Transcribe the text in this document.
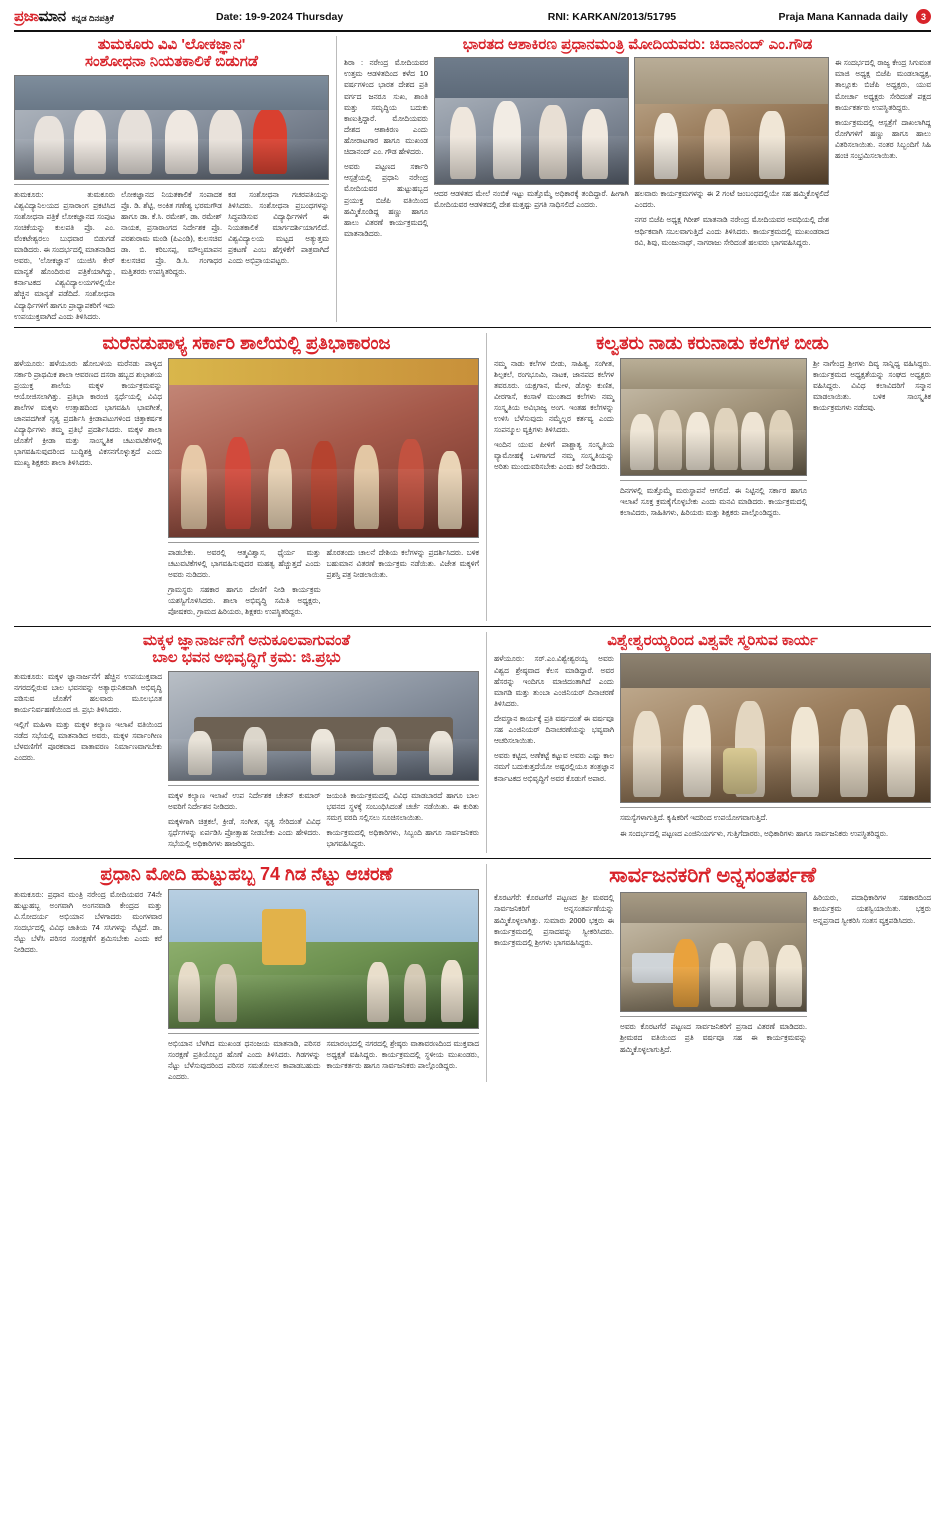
ಪ್ರಜಾಮಾನ ಕನ್ನಡ ದಿನಪತ್ರಿಕೆ	Date: 19-9-2024 Thursday	RNI: KARKAN/2013/51795	Praja Mana Kannada daily	3
ತುಮಕೂರು ವಿವಿ 'ಲೋಕಜ್ಞಾನ'
ಸಂಶೋಧನಾ ನಿಯತಕಾಲಿಕೆ ಬಿಡುಗಡೆ
ತುಮಕೂರು: ತುಮಕೂರು ವಿಶ್ವವಿದ್ಯಾನಿಲಯದ ಪ್ರಸಾರಾಂಗ ಪ್ರಕಟಿಸಿದ ಸಂಶೋಧನಾ ಪತ್ರಿಕೆ ಲೋಕಜ್ಞಾನದ ಸಂಪುಟ ಸಂಚಿಕೆಯನ್ನು ಕುಲಪತಿ ಪ್ರೊ. ಎಂ. ವೆಂಕಟೇಶ್ವರಲು ಬುಧವಾರ ಬಿಡುಗಡೆ ಮಾಡಿದರು. ಈ ಸಂದರ್ಭದಲ್ಲಿ ಮಾತನಾಡಿದ ಅವರು, 'ಲೋಕಜ್ಞಾನ' ಯುಜಿಸಿ ಕೇರ್ ಮಾನ್ಯತೆ ಹೊಂದಿರುವ ಪತ್ರಿಕೆಯಾಗಿದ್ದು, ಕರ್ನಾಟಕದ ವಿಶ್ವವಿದ್ಯಾಲಯಗಳಲ್ಲಿಯೇ ಹೆಚ್ಚಿನ ಮಾನ್ಯತೆ ಪಡೆದಿದೆ. ಸಂಶೋಧನಾ ವಿದ್ಯಾರ್ಥಿಗಳಿಗೆ ಹಾಗೂ ಪ್ರಾಧ್ಯಾಪಕರಿಗೆ ಇದು ಉಪಯುಕ್ತವಾಗಿದೆ ಎಂದು ತಿಳಿಸಿದರು.
ಲೋಕಜ್ಞಾನದ ನಿಯತಕಾಲಿಕೆ ಸಂಪಾದಕ ಪ್ರೊ. ಡಿ. ಶೆಟ್ಟಿ, ಅಂಕಿತ ಗಣೇಶ್ಯ ಭರಮಗೌಡ ಹಾಗೂ ಡಾ. ಕೆ.ಸಿ. ರಮೇಶ್, ಡಾ. ರಮೇಶ್ ನಾಯಕ, ಪ್ರಸಾರಾಂಗದ ನಿರ್ದೇಶಕ ಪ್ರೊ. ಪರಶುರಾಮ ಮಂಡಿ (ಪಿಎಂಡಿ), ಕುಲಸಚಿವ ಡಾ. ಬಿ. ಕರಿಬಸಪ್ಪ, ಮೌಲ್ಯಮಾಪನ ಕುಲಸಚಿವ ಪ್ರೊ. ಡಿ.ಸಿ. ಗಂಗಾಧರ ಮತ್ತಿತರರು ಉಪಸ್ಥಿತರಿದ್ದರು.
ಕಡ ಸಂಶೋಧನಾ ಗಚರಪತಿಯನ್ನು ತಿಳಿಸಿದರು. ಸಂಶೋಧನಾ ಪ್ರಬಂಧಗಳನ್ನು ಸಿದ್ಧಪಡಿಸುವ ವಿದ್ಯಾರ್ಥಿಗಳಿಗೆ ಈ ನಿಯತಕಾಲಿಕೆ ಮಾರ್ಗದರ್ಶಿಯಾಗಲಿದೆ. ವಿಶ್ವವಿದ್ಯಾಲಯ ಮಟ್ಟದ ಅತ್ಯುತ್ತಮ ಪ್ರಕಟಣೆ ಎಂಬ ಹೆಗ್ಗಳಿಕೆಗೆ ಪಾತ್ರವಾಗಿದೆ ಎಂದು ಅಭಿಪ್ರಾಯಪಟ್ಟರು.
ಭಾರತದ ಆಶಾಕಿರಣ ಪ್ರಧಾನಮಂತ್ರಿ ಮೋದಿಯವರು: ಚಿದಾನಂದ್ ಎಂ.ಗೌಡ

ಶಿರಾ : ನರೇಂದ್ರ ಮೋದಿಯವರ ಉತ್ತಮ ಆಡಳಿತದಿಂದ ಕಳೆದ 10 ವರ್ಷಗಳಿಂದ ಭಾರತ ದೇಶದ ಪ್ರತಿ ವರ್ಗದ ಜನರೂ ಸುಖ, ಶಾಂತಿ ಮತ್ತು ಸಮೃದ್ಧಿಯ ಬದುಕು ಕಾಣುತ್ತಿದ್ದಾರೆ. ಮೋದಿಯವರು ದೇಶದ ಆಶಾಕಿರಣ ಎಂದು ಹೋರಾಟಗಾರ ಹಾಗೂ ಮುಖಂಡ ಚಿದಾನಂದ್ ಎಂ. ಗೌಡ ಹೇಳಿದರು.

ಅವರು ಪಟ್ಟಣದ ಸರ್ಕಾರಿ ಆಸ್ಪತ್ರೆಯಲ್ಲಿ ಪ್ರಧಾನಿ ನರೇಂದ್ರ ಮೋದಿಯವರ ಹುಟ್ಟುಹಬ್ಬದ ಪ್ರಯುಕ್ತ ಬಿಜೆಪಿ ವತಿಯಿಂದ ಹಮ್ಮಿಕೊಂಡಿದ್ದ ಹಣ್ಣು ಹಾಗೂ ಹಾಲು ವಿತರಣೆ ಕಾರ್ಯಕ್ರಮದಲ್ಲಿ ಮಾತನಾಡಿದರು.

ಆದರ ಆಡಳಿತದ ಮೇಲೆ ನಂಬಿಕೆ ಇಟ್ಟು ಮತ್ತೊಮ್ಮೆ ಅಧಿಕಾರಕ್ಕೆ ತಂದಿದ್ದಾರೆ. ಹೀಗಾಗಿ ಮೋದಿಯವರ ಆಡಳಿತದಲ್ಲಿ ದೇಶ ಮತ್ತಷ್ಟು ಪ್ರಗತಿ ಸಾಧಿಸಲಿದೆ ಎಂದರು.

ಹಲವಾರು ಕಾರ್ಯಕ್ರಮಗಳನ್ನು ಈ 2 ಗಂಟೆ ಜಂಬಂಧದಲ್ಲಿಯೇ ಸಹ ಹಮ್ಮಿಕೊಳ್ಳಲಿದೆ ಎಂದರು.

ನಗರ ಬಿಜೆಪಿ ಅಧ್ಯಕ್ಷ ಗಿರೀಶ್ ಮಾತನಾಡಿ ನರೇಂದ್ರ ಮೋದಿಯವರ ಅವಧಿಯಲ್ಲಿ ದೇಶ ಆರ್ಥಿಕವಾಗಿ ಸಬಲವಾಗುತ್ತಿದೆ ಎಂದು ತಿಳಿಸಿದರು. ಕಾರ್ಯಕ್ರಮದಲ್ಲಿ ಮುಖಂಡರಾದ ರವಿ, ಶಿವು, ಮಂಜುನಾಥ್, ನಾಗರಾಜು ಸೇರಿದಂತೆ ಹಲವರು ಭಾಗವಹಿಸಿದ್ದರು.

ಈ ಸಂದರ್ಭದಲ್ಲಿ ರಾಜ್ಯ ಕೇಂದ್ರ ಸಿಗುವಂತ ಮಾಜಿ ಅಧ್ಯಕ್ಷ ಬಿಜೆಪಿ ಮಂಡಲಾಧ್ಯಕ್ಷ, ತಾಲ್ಲೂಕು ಬಿಜೆಪಿ ಅಧ್ಯಕ್ಷರು, ಯುವ ಮೋರ್ಚಾ ಅಧ್ಯಕ್ಷರು ಸೇರಿದಂತೆ ಪಕ್ಷದ ಕಾರ್ಯಕರ್ತರು ಉಪಸ್ಥಿತರಿದ್ದರು.

ಕಾರ್ಯಕ್ರಮದಲ್ಲಿ ಆಸ್ಪತ್ರೆಗೆ ದಾಖಲಾಗಿದ್ದ ರೋಗಿಗಳಿಗೆ ಹಣ್ಣು ಹಾಗೂ ಹಾಲು ವಿತರಿಸಲಾಯಿತು. ನಂತರ ಸಿಬ್ಬಂದಿಗೆ ಸಿಹಿ ಹಂಚಿ ಸಂಭ್ರಮಿಸಲಾಯಿತು.

ಮರೆನಡುಪಾಳ್ಯ ಸರ್ಕಾರಿ ಶಾಲೆಯಲ್ಲಿ ಪ್ರತಿಭಾಕಾರಂಜ
ಹಳೆಯೂರು: ಹಳೆಯೂರು ಹೋಬಳಿಯ ಮರೆನಡು ಪಾಳ್ಯದ ಸರ್ಕಾರಿ ಪ್ರಾಥಮಿಕ ಶಾಲಾ ಆವರಣದ ದಸರಾ ಹಬ್ಬದ ಶುಭಾಶಯ ಪ್ರಯುಕ್ತ ಶಾಲೆಯ ಮಕ್ಕಳ ಕಾರ್ಯಕ್ರಮವನ್ನು ಆಯೋಜಿಸಲಾಗಿತ್ತು. ಪ್ರತಿಭಾ ಕಾರಂಜಿ ಸ್ಪರ್ಧೆಯಲ್ಲಿ ವಿವಿಧ ಶಾಲೆಗಳ ಮಕ್ಕಳು ಉತ್ಸಾಹದಿಂದ ಭಾಗವಹಿಸಿ ಭಾವಗೀತೆ, ಜಾನಪದಗೀತೆ ನೃತ್ಯ ಪ್ರದರ್ಶಿಸಿ ಕ್ರೀಡಾಪಟುಗಳಿಂದ ಚಿತ್ತಾಕರ್ಷಕ ವಿದ್ಯಾರ್ಥಿಗಳು ತಮ್ಮ ಪ್ರತಿಭೆ ಪ್ರದರ್ಶಿಸಿದರು. ಮಕ್ಕಳ ಶಾಲಾ ಜೊತೆಗೆ ಕ್ರೀಡಾ ಮತ್ತು ಸಾಂಸ್ಕೃತಿಕ ಚಟುವಟಿಕೆಗಳಲ್ಲಿ ಭಾಗವಹಿಸುವುದರಿಂದ ಬುದ್ಧಿಶಕ್ತಿ ವಿಕಸನಗೊಳ್ಳುತ್ತದೆ ಎಂದು ಮುಖ್ಯ ಶಿಕ್ಷಕರು ಶಾಲಾ ತಿಳಿಸಿದರು.

ಪಾಡಬೇಕು. ಅವರಲ್ಲಿ ಆತ್ಮವಿಶ್ವಾಸ, ಧೈರ್ಯ ಮತ್ತು ಚಟುವಟಿಕೆಗಳಲ್ಲಿ ಭಾಗವಹಿಸುವುದರ ಮಹತ್ವ ಹೆಚ್ಚುತ್ತದೆ ಎಂದು ಅವರು ನುಡಿದರು.

ಗ್ರಾಮಸ್ಥರು ಸಹಕಾರ ಹಾಗೂ ದೇಣಿಗೆ ನೀಡಿ ಕಾರ್ಯಕ್ರಮ ಯಶಸ್ವಿಗೊಳಿಸಿದರು. ಶಾಲಾ ಅಭಿವೃದ್ಧಿ ಸಮಿತಿ ಅಧ್ಯಕ್ಷರು, ಪೋಷಕರು, ಗ್ರಾಮದ ಹಿರಿಯರು, ಶಿಕ್ಷಕರು ಉಪಸ್ಥಿತರಿದ್ದರು.

ಹೊರತಂದು ಚಾಲನೆ ದೇಶಿಯ ಕಲೆಗಳನ್ನು ಪ್ರದರ್ಶಿಸಿದರು. ಬಳಿಕ ಬಹುಮಾನ ವಿತರಣೆ ಕಾರ್ಯಕ್ರಮ ನಡೆಯಿತು. ವಿಜೇತ ಮಕ್ಕಳಿಗೆ ಪ್ರಶಸ್ತಿ ಪತ್ರ ನೀಡಲಾಯಿತು.
ಕಲ್ವತರು ನಾಡು ಕರುನಾಡು ಕಲೆಗಳ ಬೀಡು

ನಮ್ಮ ನಾಡು ಕಲೆಗಳ ಬೀಡು, ಸಾಹಿತ್ಯ, ಸಂಗೀತ, ಶಿಲ್ಪಕಲೆ, ರಂಗಭೂಮಿ, ನಾಟಕ, ಜಾನಪದ ಕಲೆಗಳ ತವರೂರು. ಯಕ್ಷಗಾನ, ಮೇಳ, ಡೊಳ್ಳು ಕುಣಿತ, ವೀರಗಾಸೆ, ಕಂಸಾಳೆ ಮುಂತಾದ ಕಲೆಗಳು ನಮ್ಮ ಸಂಸ್ಕೃತಿಯ ಅವಿಭಾಜ್ಯ ಅಂಗ. ಇಂತಹ ಕಲೆಗಳನ್ನು ಉಳಿಸಿ ಬೆಳೆಸುವುದು ನಮ್ಮೆಲ್ಲರ ಕರ್ತವ್ಯ ಎಂದು ಸಂಪನ್ಮೂಲ ವ್ಯಕ್ತಿಗಳು ತಿಳಿಸಿದರು.

ಇಂದಿನ ಯುವ ಪೀಳಿಗೆ ಪಾಶ್ಚಾತ್ಯ ಸಂಸ್ಕೃತಿಯ ವ್ಯಾಮೋಹಕ್ಕೆ ಒಳಗಾಗದೆ ನಮ್ಮ ಸಂಸ್ಕೃತಿಯನ್ನು ಅರಿತು ಮುಂದುವರಿಸಬೇಕು ಎಂದು ಕರೆ ನೀಡಿದರು.

ದಿನಗಳಲ್ಲಿ ಮತ್ತೊಮ್ಮೆ ಮರುಸ್ಥಾಪನೆ ಆಗಲಿದೆ. ಈ ನಿಟ್ಟಿನಲ್ಲಿ ಸರ್ಕಾರ ಹಾಗೂ ಇಲಾಖೆ ಸೂಕ್ತ ಕ್ರಮಕೈಗೊಳ್ಳಬೇಕು ಎಂದು ಮನವಿ ಮಾಡಿದರು. ಕಾರ್ಯಕ್ರಮದಲ್ಲಿ ಕಲಾವಿದರು, ಸಾಹಿತಿಗಳು, ಹಿರಿಯರು ಮತ್ತು ಶಿಕ್ಷಕರು ಪಾಲ್ಗೊಂಡಿದ್ದರು.
ಶ್ರೀ ನಾಗೇಂದ್ರ ಶ್ರೀಗಳು ದಿವ್ಯ ಸಾನ್ನಿಧ್ಯ ವಹಿಸಿದ್ದರು. ಕಾರ್ಯಕ್ರಮದ ಅಧ್ಯಕ್ಷತೆಯನ್ನು ಸಂಘದ ಅಧ್ಯಕ್ಷರು ವಹಿಸಿದ್ದರು. ವಿವಿಧ ಕಲಾವಿದರಿಗೆ ಸನ್ಮಾನ ಮಾಡಲಾಯಿತು. ಬಳಿಕ ಸಾಂಸ್ಕೃತಿಕ ಕಾರ್ಯಕ್ರಮಗಳು ನಡೆದವು.
ಮಕ್ಕಳ ಜ್ಞಾನಾರ್ಜನೆಗೆ ಅನುಕೂಲವಾಗುವಂತೆ
ಬಾಲ ಭವನ ಅಭಿವೃದ್ಧಿಗೆ ಕ್ರಮ: ಜಿ.ಪ್ರಭು

ತುಮಕೂರು: ಮಕ್ಕಳ ಜ್ಞಾನಾರ್ಜನೆಗೆ ಹೆಚ್ಚಿನ ಉಪಯುಕ್ತವಾದ ನಗರದಲ್ಲಿರುವ ಬಾಲ ಭವನವನ್ನು ಅತ್ಯಾಧುನಿಕವಾಗಿ ಅಭಿವೃದ್ಧಿ ಪಡಿಸುವ ಜೊತೆಗೆ ಹಲವಾರು ಮೂಲಭೂತ ಕಾರ್ಯನಿರ್ವಹಣೆಯಿಂದ ಜಿ. ಪ್ರಭು ತಿಳಿಸಿದರು.

ಇಲ್ಲಿಗೆ ಮಹಿಳಾ ಮತ್ತು ಮಕ್ಕಳ ಕಲ್ಯಾಣ ಇಲಾಖೆ ವತಿಯಿಂದ ನಡೆದ ಸಭೆಯಲ್ಲಿ ಮಾತನಾಡಿದ ಅವರು, ಮಕ್ಕಳ ಸರ್ವಾಂಗೀಣ ಬೆಳವಣಿಗೆಗೆ ಪೂರಕವಾದ ವಾತಾವರಣ ನಿರ್ಮಾಣವಾಗಬೇಕು ಎಂದರು.

ಮಕ್ಕಳ ಕಲ್ಯಾಣ ಇಲಾಖೆ ಉಪ ನಿರ್ದೇಶಕ ಚೇತನ್ ಕುಮಾರ್ ಅವರಿಗೆ ನಿರ್ದೇಶನ ನೀಡಿದರು.

ಮಕ್ಕಳಿಗಾಗಿ ಚಿತ್ರಕಲೆ, ಕ್ರೀಡೆ, ಸಂಗೀತ, ನೃತ್ಯ ಸೇರಿದಂತೆ ವಿವಿಧ ಸ್ಪರ್ಧೆಗಳನ್ನು ಏರ್ಪಡಿಸಿ ಪ್ರೋತ್ಸಾಹ ನೀಡಬೇಕು ಎಂದು ಹೇಳಿದರು. ಸಭೆಯಲ್ಲಿ ಅಧಿಕಾರಿಗಳು ಹಾಜರಿದ್ದರು.

ಜಯಂತಿ ಕಾರ್ಯಕ್ರಮದಲ್ಲಿ ವಿವಿಧ ಮಾಡಬಾರದೆ ಹಾಗೂ ಬಾಲ ಭವನದ ಸ್ಥಳಕ್ಕೆ ಸಂಬಂಧಿಸಿದಂತೆ ಚರ್ಚೆ ನಡೆಯಿತು. ಈ ಕುರಿತು ಸಮಗ್ರ ವರದಿ ಸಲ್ಲಿಸಲು ಸೂಚಿಸಲಾಯಿತು.

ಕಾರ್ಯಕ್ರಮದಲ್ಲಿ ಅಧಿಕಾರಿಗಳು, ಸಿಬ್ಬಂದಿ ಹಾಗೂ ಸಾರ್ವಜನಿಕರು ಭಾಗವಹಿಸಿದ್ದರು.

ವಿಶ್ವೇಶ್ವರಯ್ಯರಿಂದ ವಿಶ್ವವೇ ಸ್ಮರಿಸುವ ಕಾರ್ಯ

ಹಳೆಯೂರು: ಸರ್.ಎಂ.ವಿಶ್ವೇಶ್ವರಯ್ಯ ಅವರು ವಿಶ್ವದ ಶ್ರೇಷ್ಠವಾದ ಕೆಲಸ ಮಾಡಿದ್ದಾರೆ. ಅವರ ಹೆಸರನ್ನು ಇಂದಿಗೂ ಮಾಜಿದಂತಾಗಿದೆ ಎಂದು ಮಾಗಡಿ ಮತ್ತು ತುಂಬಾ ಎಂಜಿನಿಯರ್ ದಿನಾಚರಣೆ ತಿಳಿಸಿದರು.

ದೇವಸ್ಥಾನ ಕಾರ್ಯಕ್ಕೆ ಪ್ರತಿ ವರ್ಷದಂತೆ ಈ ವರ್ಷವೂ ಸಹ ಎಂಜಿನಿಯರ್ ದಿನಾಚರಣೆಯನ್ನು ಭವ್ಯವಾಗಿ ಆಚರಿಸಲಾಯಿತು.

ಅವರು ಕಟ್ಟಿದ, ಅಣೆಕಟ್ಟೆ ಕಟ್ಟುವ ಅವರು ಎಷ್ಟು ಕಾಲ ನಮಗೆ ಬದುಕುತ್ತದೆಯೋ ಅಷ್ಟರಲ್ಲಿಯೂ ತಂತ್ರಜ್ಞಾನ ಕರ್ನಾಟಕದ ಅಭಿವೃದ್ಧಿಗೆ ಅವರ ಕೊಡುಗೆ ಅಪಾರ.

ಸಮಸ್ಯೆಗಳಾಗುತ್ತಿದೆ. ಕೃಷಿಕರಿಗೆ ಇದರಿಂದ ಉಪಯೋಗವಾಗುತ್ತಿದೆ.

ಈ ಸಂದರ್ಭದಲ್ಲಿ ಪಟ್ಟಣದ ಎಂಜಿನಿಯರ್ಗಳು, ಗುತ್ತಿಗೆದಾರರು, ಅಧಿಕಾರಿಗಳು ಹಾಗೂ ಸಾರ್ವಜನಿಕರು ಉಪಸ್ಥಿತರಿದ್ದರು.

ಪ್ರಧಾನಿ ಮೋದಿ ಹುಟ್ಟುಹಬ್ಬ 74 ಗಿಡ ನೆಟ್ಟು ಆಚರಣೆ
ತುಮಕೂರು: ಪ್ರಧಾನ ಮಂತ್ರಿ ನರೇಂದ್ರ ಮೋದಿಯವರ 74ನೇ ಹುಟ್ಟುಹಬ್ಬ ಅಂಗವಾಗಿ ಅಂಗನವಾಡಿ ಕೇಂದ್ರದ ಮತ್ತು ವಿ.ಸೋದರ್ಯ ಅಭಿಯಾನ ಬೆಳಗಾದರು ಮಂಗಳವಾರ ಸಂದರ್ಭದಲ್ಲಿ ವಿವಿಧ ಜಾತಿಯ 74 ಸಸಿಗಳನ್ನು ನೆಟ್ಟಿದೆ. ಡಾ. ನೆಟ್ಟು ಬೆಳೆಸಿ ಪರಿಸರ ಸಂರಕ್ಷಣೆಗೆ ಶ್ರಮಿಸಬೇಕು ಎಂದು ಕರೆ ನೀಡಿದರು.
ಅಭಿಯಾನ ಬೆಳಗಿದ ಮುಖಂಡ ಧನಂಜಯ ಮಾತನಾಡಿ, ಪರಿಸರ ಸಂರಕ್ಷಣೆ ಪ್ರತಿಯೊಬ್ಬರ ಹೊಣೆ ಎಂದು ತಿಳಿಸಿದರು. ಗಿಡಗಳನ್ನು ನೆಟ್ಟು ಬೆಳೆಸುವುದರಿಂದ ಪರಿಸರ ಸಮತೋಲನ ಕಾಪಾಡಬಹುದು ಎಂದರು.
ಸಮಾರಂಭದಲ್ಲಿ ನಗರದಲ್ಲಿ ಶ್ರೇಷ್ಠರು ವಾತಾವರಣದಿಂದ ಮುಕ್ತವಾದ ಅಧ್ಯಕ್ಷತೆ ವಹಿಸಿದ್ದರು. ಕಾರ್ಯಕ್ರಮದಲ್ಲಿ ಸ್ಥಳೀಯ ಮುಖಂಡರು, ಕಾರ್ಯಕರ್ತರು ಹಾಗೂ ಸಾರ್ವಜನಿಕರು ಪಾಲ್ಗೊಂಡಿದ್ದರು.
ಸಾರ್ವಜನಕರಿಗೆ ಅನ್ನಸಂತರ್ಪಣೆ
ಕೊರಟಗೆರೆ: ಕೊರಟಗೆರೆ ಪಟ್ಟಣದ ಶ್ರೀ ಮಠದಲ್ಲಿ ಸಾರ್ವಜನಿಕರಿಗೆ ಅನ್ನಸಂತರ್ಪಣೆಯನ್ನು ಹಮ್ಮಿಕೊಳ್ಳಲಾಗಿತ್ತು. ಸುಮಾರು 2000 ಭಕ್ತರು ಈ ಕಾರ್ಯಕ್ರಮದಲ್ಲಿ ಪ್ರಸಾದವನ್ನು ಸ್ವೀಕರಿಸಿದರು. ಕಾರ್ಯಕ್ರಮದಲ್ಲಿ ಶ್ರೀಗಳು ಭಾಗವಹಿಸಿದ್ದರು.
ಅವರು ಕೊರಟಗೆರೆ ಪಟ್ಟಣದ ಸಾರ್ವಜನಿಕರಿಗೆ ಪ್ರಸಾದ ವಿತರಣೆ ಮಾಡಿದರು. ಶ್ರೀಮಠದ ವತಿಯಿಂದ ಪ್ರತಿ ವರ್ಷವೂ ಸಹ ಈ ಕಾರ್ಯಕ್ರಮವನ್ನು ಹಮ್ಮಿಕೊಳ್ಳಲಾಗುತ್ತಿದೆ.
ಹಿರಿಯರು, ಪದಾಧಿಕಾರಿಗಳ ಸಹಕಾರದಿಂದ ಕಾರ್ಯಕ್ರಮ ಯಶಸ್ವಿಯಾಯಿತು. ಭಕ್ತರು ಅನ್ನಪ್ರಸಾದ ಸ್ವೀಕರಿಸಿ ಸಂತಸ ವ್ಯಕ್ತಪಡಿಸಿದರು.
